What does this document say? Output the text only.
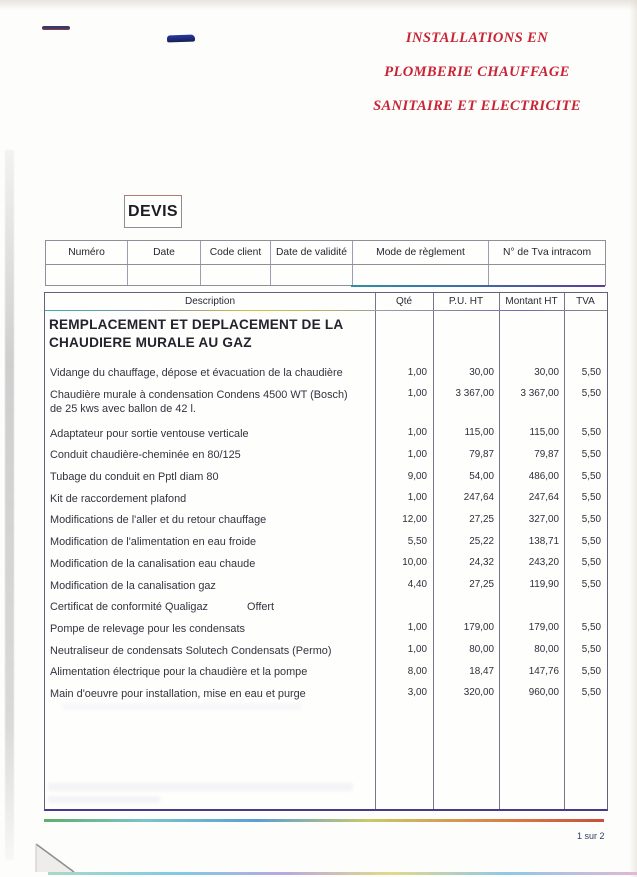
INSTALLATIONS EN
PLOMBERIE CHAUFFAGE
SANITAIRE ET ELECTRICITE
DEVIS
Numéro	Date	Code client	Date de validité	Mode de règlement	N° de Tva intracom
Description	Qté	P.U. HT	Montant HT	TVA
REMPLACEMENT ET DEPLACEMENT DE LA
CHAUDIERE MURALE AU GAZ
Vidange du chauffage, dépose et évacuation de la chaudière	1,00	30,00	30,00	5,50
Chaudière murale à condensation Condens 4500 WT (Bosch)
de 25 kws avec ballon de 42 l.
1,00	3 367,00	3 367,00	5,50
Adaptateur pour sortie ventouse verticale	1,00	115,00	115,00	5,50
Conduit chaudière-cheminée en 80/125	1,00	79,87	79,87	5,50
Tubage du conduit en Pptl diam 80	9,00	54,00	486,00	5,50
Kit de raccordement plafond	1,00	247,64	247,64	5,50
Modifications de l'aller et du retour chauffage	12,00	27,25	327,00	5,50
Modification de l'alimentation en eau froide	5,50	25,22	138,71	5,50
Modification de la canalisation eau chaude	10,00	24,32	243,20	5,50
Modification de la canalisation gaz	4,40	27,25	119,90	5,50
Certificat de conformité Qualigaz	Offert
Pompe de relevage pour les condensats	1,00	179,00	179,00	5,50
Neutraliseur de condensats Solutech Condensats (Permo)	1,00	80,00	80,00	5,50
Alimentation électrique pour la chaudière et la pompe	8,00	18,47	147,76	5,50
Main d'oeuvre pour installation, mise en eau et purge	3,00	320,00	960,00	5,50
1 sur 2
